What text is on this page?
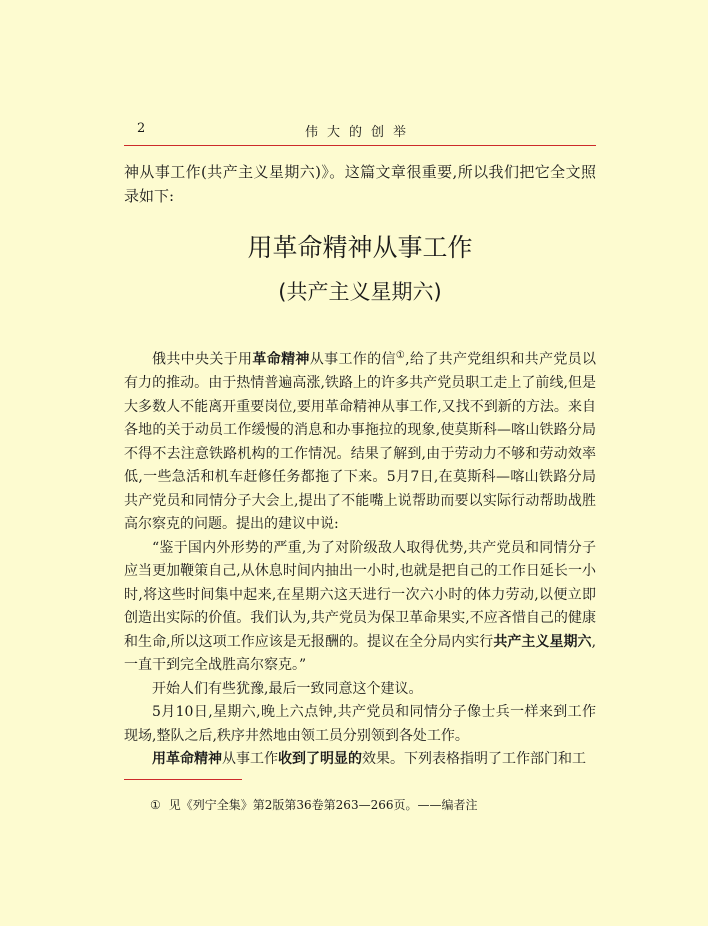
2	伟大的创举

神从事工作(共产主义星期六)》。这篇文章很重要,所以我们把它全文照录如下:

用革命精神从事工作
(共产主义星期六)

俄共中央关于用革命精神从事工作的信①,给了共产党组织和共产党员以有力的推动。由于热情普遍高涨,铁路上的许多共产党员职工走上了前线,但是大多数人不能离开重要岗位,要用革命精神从事工作,又找不到新的方法。来自各地的关于动员工作缓慢的消息和办事拖拉的现象,使莫斯科—喀山铁路分局不得不去注意铁路机构的工作情况。结果了解到,由于劳动力不够和劳动效率低,一些急活和机车赶修任务都拖了下来。5月7日,在莫斯科—喀山铁路分局共产党员和同情分子大会上,提出了不能嘴上说帮助而要以实际行动帮助战胜高尔察克的问题。提出的建议中说:

“鉴于国内外形势的严重,为了对阶级敌人取得优势,共产党员和同情分子应当更加鞭策自己,从休息时间内抽出一小时,也就是把自己的工作日延长一小时,将这些时间集中起来,在星期六这天进行一次六小时的体力劳动,以便立即创造出实际的价值。我们认为,共产党员为保卫革命果实,不应吝惜自己的健康和生命,所以这项工作应该是无报酬的。提议在全分局内实行共产主义星期六,一直干到完全战胜高尔察克。”

开始人们有些犹豫,最后一致同意这个建议。

5月10日,星期六,晚上六点钟,共产党员和同情分子像士兵一样来到工作现场,整队之后,秩序井然地由领工员分别领到各处工作。

用革命精神从事工作收到了明显的效果。下列表格指明了工作部门和工

① 见《列宁全集》第2版第36卷第263—266页。——编者注
